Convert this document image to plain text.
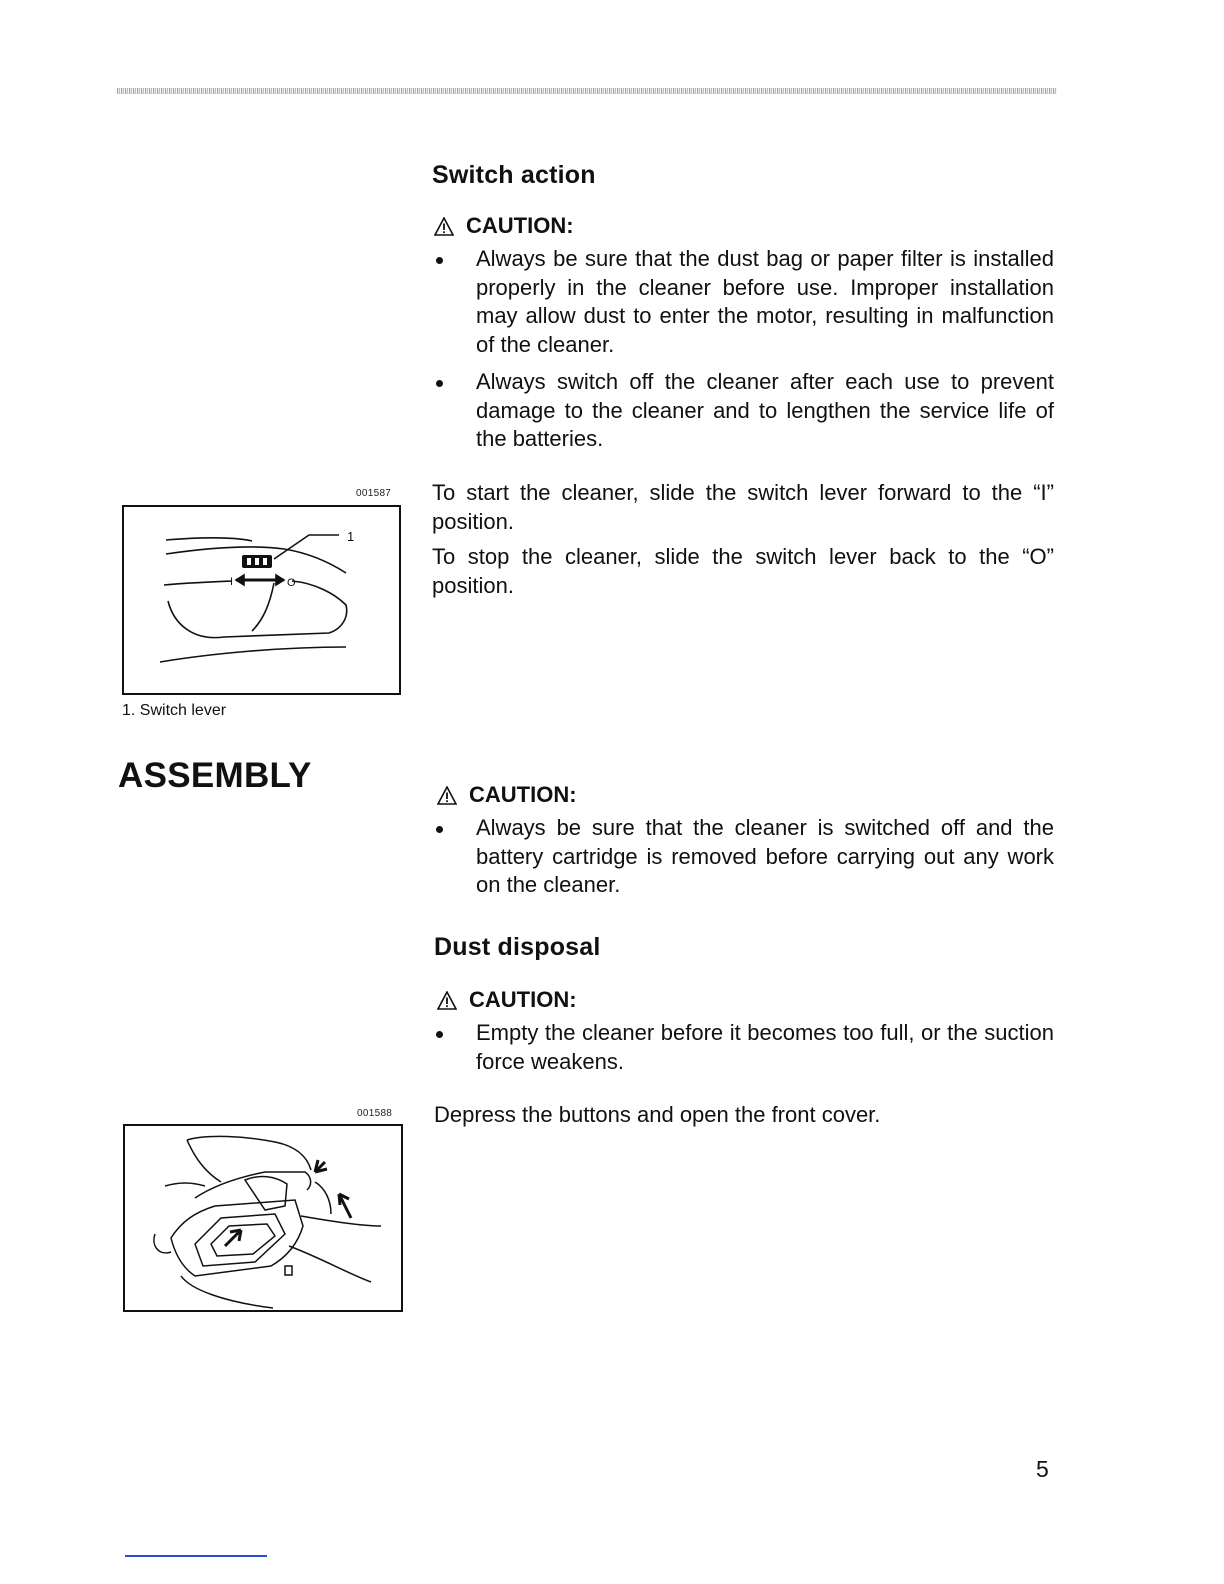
Switch action
CAUTION:
Always be sure that the dust bag or paper filter is installed properly in the cleaner before use. Improper installation may allow dust to enter the motor, resulting in malfunction of the cleaner.
Always switch off the cleaner after each use to prevent damage to the cleaner and to lengthen the service life of the batteries.

To start the cleaner, slide the switch lever forward to the “I” position.

To stop the cleaner, slide the switch lever back to the “O” position.

001587
1
I	O
1. Switch lever
ASSEMBLY	CAUTION:
Always be sure that the cleaner is switched off and the battery cartridge is removed before carrying out any work on the cleaner.
Dust disposal
CAUTION:
Empty the cleaner before it becomes too full, or the suction force weakens.

Depress the buttons and open the front cover.

001588
5
